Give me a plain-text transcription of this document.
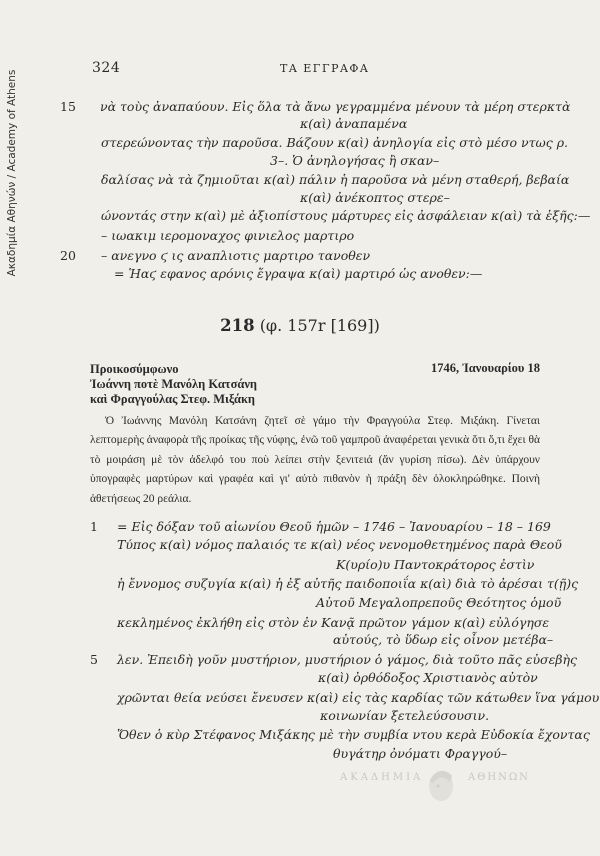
Ακαδημία Αθηνών / Academy of Athens
324	ΤΑ ΕΓΓΡΑΦΑ
15 νὰ τοὺς ἀναπαύουν. Εἰς ὅλα τὰ ἄνω γεγραμμένα μένουν τὰ μέρη στερκτὰ
κ(αὶ) ἀναπαμένα
στερεώνοντας τὴν παροῦσα. Βάζουν κ(αὶ) ἀνηλογία εἰς στὸ μέσο ντως ρ.
3–. Ὁ ἀνηλογήσας ἢ σκαν–
δαλίσας νὰ τὰ ζημιοῦται κ(αὶ) πάλιν ἡ παροῦσα νὰ μένη σταθερή, βεβαία
κ(αὶ) ἀνέκοπτος στερε–
ώνοντάς στην κ(αὶ) μὲ ἀξιοπίστους μάρτυρες εἰς ἀσφάλειαν κ(αὶ) τὰ ἑξῆς:—
– ιωακιμ ιερομοναχος φινιελος μαρτιρο
20 – ανεγνο ϛ ις αναπλιοτις μαρτιρο τανοθεν
= Ἡαϛ εφανος αρόνις ἔγραψα κ(αὶ) μαρτιρό ὡς ανοθεν:—
218 (φ. 157r [169])
Προικοσύμφωνο
Ἰωάννη ποτὲ Μανόλη Κατσάνη
καὶ Φραγγούλας Στεφ. Μιξάκη
1746, Ἰανουαρίου 18
Ὁ Ἰωάννης Μανόλη Κατσάνη ζητεῖ σὲ γάμο τὴν Φραγγούλα Στεφ. Μιξάκη. Γίνεται λεπτομερὴς ἀναφορὰ τῆς προίκας τῆς νύφης, ἐνῶ τοῦ γαμπροῦ ἀναφέρεται γενικὰ ὅτι ὅ,τι ἔχει θὰ τὸ μοιράση μὲ τὸν ἀδελφό του ποὺ λείπει στὴν ξενιτειά (ἄν γυρίση πίσω). Δὲν ὑπάρχουν ὑπογραφὲς μαρτύρων καὶ γραφέα καὶ γι' αὐτὸ πιθανὸν ἡ πράξη δὲν ὁλοκληρώθηκε. Ποινὴ ἀθετήσεως 20 ρεάλια.
1 = Εἰς δόξαν τοῦ αἰωνίου Θεοῦ ἡμῶν – 1746 – Ἰανουαρίου – 18 – 169
Τύπος κ(αὶ) νόμος παλαιός τε κ(αὶ) νέος νενομοθετημένος παρὰ Θεοῦ
Κ(υρίο)υ Παντοκράτορος ἐστὶν
ἡ ἔννομος συζυγία κ(αὶ) ἡ ἐξ αὐτῆς παιδοποιΐα κ(αὶ) διὰ τὸ ἀρέσαι τ(ῇ)ς
Αὐτοῦ Μεγαλοπρεποῦς Θεότητος ὁμοῦ
κεκλημένος ἐκλήθη εἰς στὸν ἐν Κανᾷ πρῶτον γάμον κ(αὶ) εὐλόγησε
αὐτούς, τὸ ὕδωρ εἰς οἶνον μετέβα–
5 λεν. Ἐπειδὴ γοῦν μυστήριον, μυστήριον ὁ γάμος, διὰ τοῦτο πᾶς εὐσεβὴς
κ(αὶ) ὀρθόδοξος Χριστιανὸς αὐτὸν
χρῶνται θεία νεύσει ἔνευσεν κ(αὶ) εἰς τὰς καρδίας τῶν κάτωθεν ἵνα γάμου
κοινωνίαν ξετελεύσουσιν.
Ὅθεν ὁ κὺρ Στέφανος Μιξάκης μὲ τὴν συμβία ντου κερὰ Εὐδοκία ἔχοντας
θυγάτηρ ὀνόματι Φραγγού–
ΑΚΑΔΗΜΙΑ	ΑΘΗΝΩΝ
